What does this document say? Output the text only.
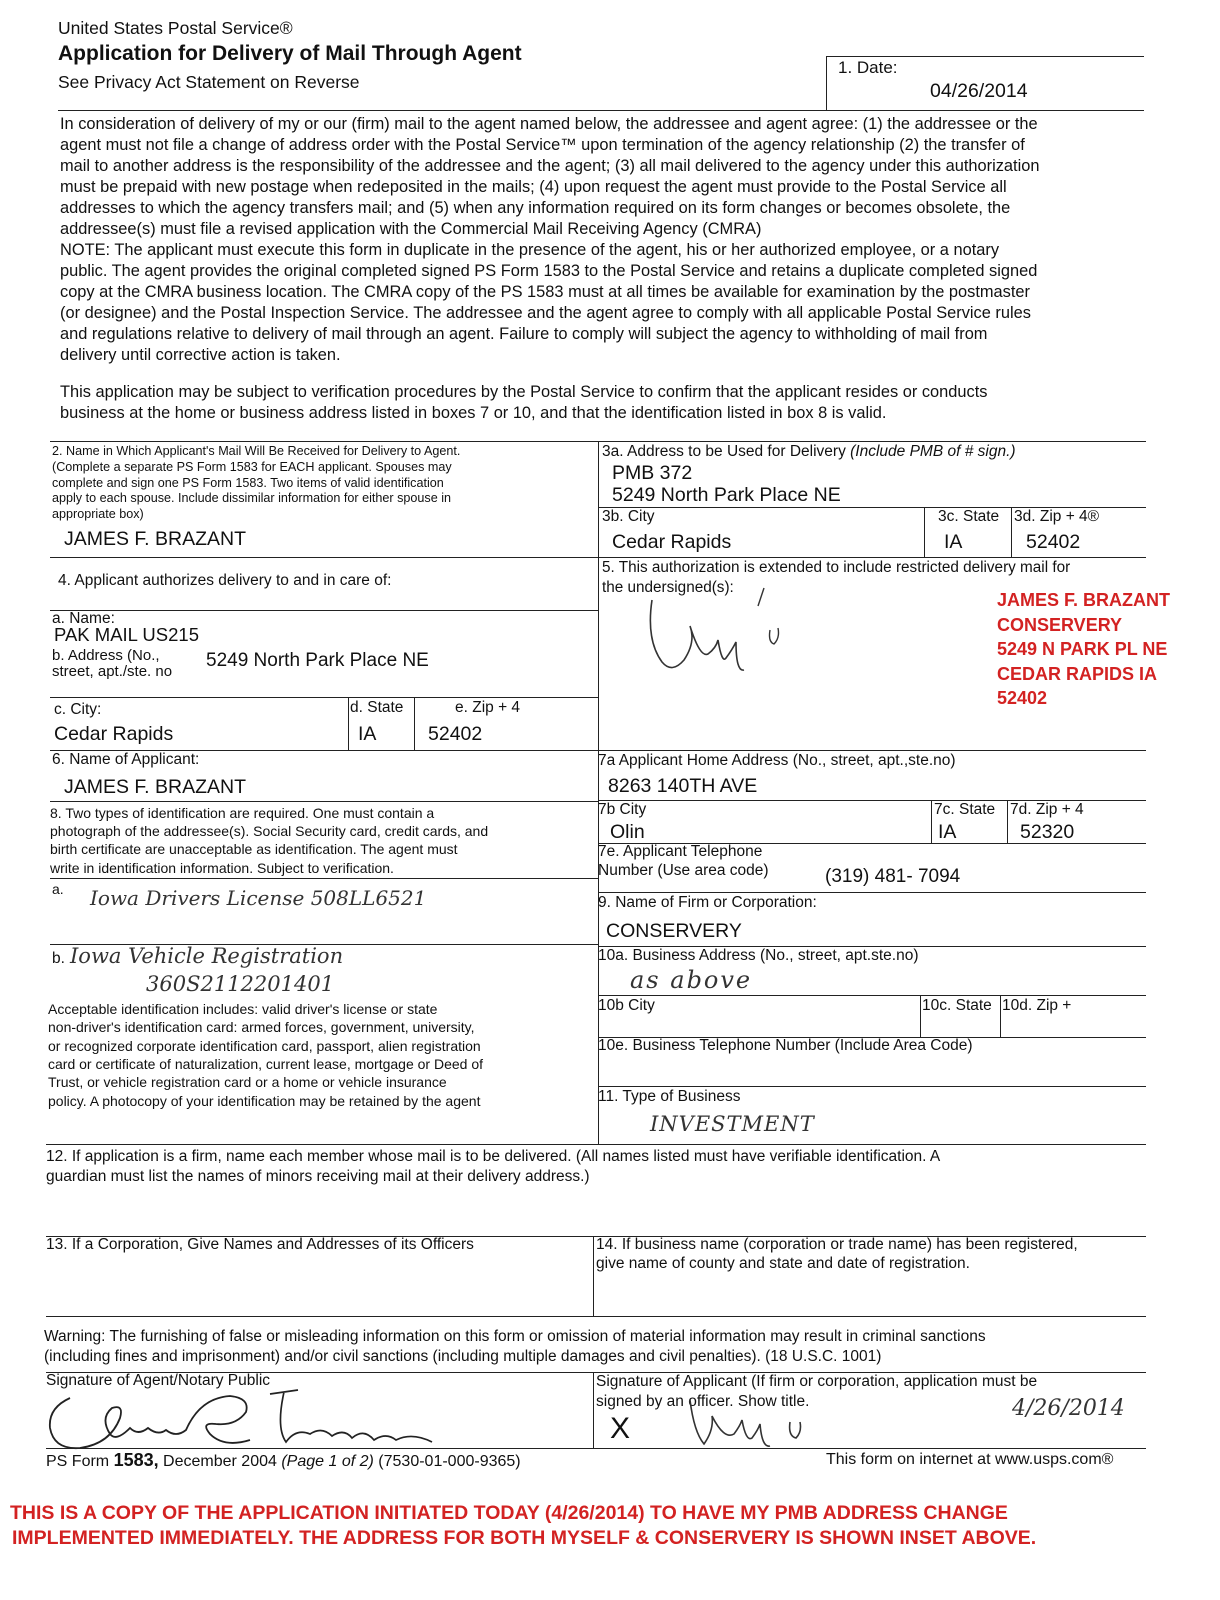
United States Postal Service®
Application for Delivery of Mail Through Agent
See Privacy Act Statement on Reverse
1. Date:
04/26/2014
In consideration of delivery of my or our (firm) mail to the agent named below, the addressee and agent agree: (1) the addressee or the
agent must not file a change of address order with the Postal Service™ upon termination of the agency relationship (2) the transfer of
mail to another address is the responsibility of the addressee and the agent; (3) all mail delivered to the agency under this authorization
must be prepaid with new postage when redeposited in the mails; (4) upon request the agent must provide to the Postal Service all
addresses to which the agency transfers mail; and (5) when any information required on its form changes or becomes obsolete, the
addressee(s) must file a revised application with the Commercial Mail Receiving Agency (CMRA)
NOTE: The applicant must execute this form in duplicate in the presence of the agent, his or her authorized employee, or a notary
public. The agent provides the original completed signed PS Form 1583 to the Postal Service and retains a duplicate completed signed
copy at the CMRA business location. The CMRA copy of the PS 1583 must at all times be available for examination by the postmaster
(or designee) and the Postal Inspection Service. The addressee and the agent agree to comply with all applicable Postal Service rules
and regulations relative to delivery of mail through an agent. Failure to comply will subject the agency to withholding of mail from
delivery until corrective action is taken.
This application may be subject to verification procedures by the Postal Service to confirm that the applicant resides or conducts
business at the home or business address listed in boxes 7 or 10, and that the identification listed in box 8 is valid.
2. Name in Which Applicant's Mail Will Be Received for Delivery to Agent.
(Complete a separate PS Form 1583 for EACH applicant. Spouses may
complete and sign one PS Form 1583. Two items of valid identification
apply to each spouse. Include dissimilar information for either spouse in
appropriate box)
JAMES F. BRAZANT
3a. Address to be Used for Delivery (Include PMB of # sign.)
PMB 372
5249 North Park Place NE
3b. City
Cedar Rapids
3c. State
IA
3d. Zip + 4®
52402
4. Applicant authorizes delivery to and in care of:
a. Name:
PAK MAIL US215
b. Address (No.,
street, apt./ste. no
5249 North Park Place NE
c. City:
Cedar Rapids
d. State
IA
e. Zip + 4
52402
5. This authorization is extended to include restricted delivery mail for
the undersigned(s):
JAMES F. BRAZANT
CONSERVERY
5249 N PARK PL NE
CEDAR RAPIDS IA
52402
6. Name of Applicant:
JAMES F. BRAZANT
7a Applicant Home Address (No., street, apt.,ste.no)
8263 140TH AVE
7b City
Olin
7c. State
IA
7d. Zip + 4
52320
7e. Applicant Telephone
Number (Use area code)	(319) 481- 7094
8. Two types of identification are required. One must contain a
photograph of the addressee(s). Social Security card, credit cards, and
birth certificate are unacceptable as identification. The agent must
write in identification information. Subject to verification.
a. Iowa Drivers License 508LL6521
b. Iowa Vehicle Registration
360S2112201401
Acceptable identification includes: valid driver's license or state
non-driver's identification card: armed forces, government, university,
or recognized corporate identification card, passport, alien registration
card or certificate of naturalization, current lease, mortgage or Deed of
Trust, or vehicle registration card or a home or vehicle insurance
policy. A photocopy of your identification may be retained by the agent
9. Name of Firm or Corporation:
CONSERVERY
10a. Business Address (No., street, apt.ste.no)
as above
10b City	10c. State 10d. Zip +
10e. Business Telephone Number (Include Area Code)
11. Type of Business
INVESTMENT
12. If application is a firm, name each member whose mail is to be delivered. (All names listed must have verifiable identification. A
guardian must list the names of minors receiving mail at their delivery address.)
13. If a Corporation, Give Names and Addresses of its Officers	14. If business name (corporation or trade name) has been registered,
give name of county and state and date of registration.
Warning: The furnishing of false or misleading information on this form or omission of material information may result in criminal sanctions
(including fines and imprisonment) and/or civil sanctions (including multiple damages and civil penalties). (18 U.S.C. 1001)
Signature of Agent/Notary Public	Signature of Applicant (If firm or corporation, application must be
signed by an officer. Show title.
X
4/26/2014
PS Form 1583, December 2004 (Page 1 of 2) (7530-01-000-9365)	This form on internet at www.usps.com®
THIS IS A COPY OF THE APPLICATION INITIATED TODAY (4/26/2014) TO HAVE MY PMB ADDRESS CHANGE
IMPLEMENTED IMMEDIATELY. THE ADDRESS FOR BOTH MYSELF & CONSERVERY IS SHOWN INSET ABOVE.
